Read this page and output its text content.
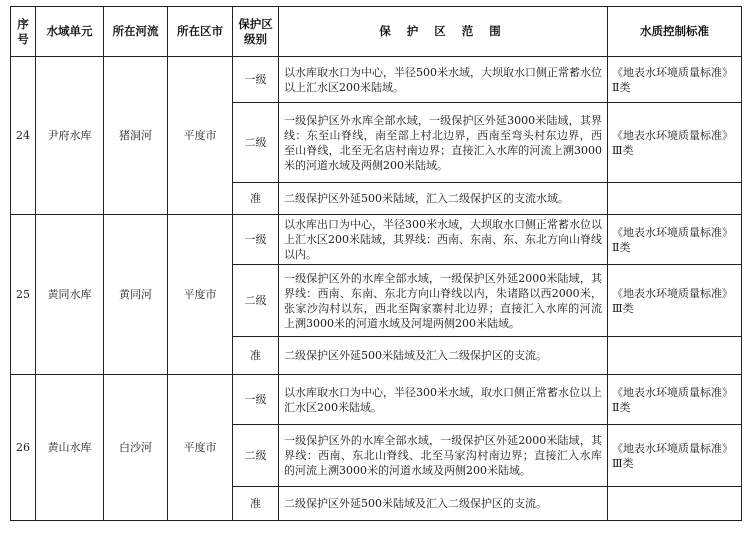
序号	水域单元	所在河流	所在区市	保护区级别	保 护 区 范 围	水质控制标准
24	尹府水库	猪洞河	平度市	一级	以水库取水口为中心，半径500米水域，大坝取水口侧正常蓄水位以上汇水区200米陆域。	《地表水环境质量标准》Ⅱ类
				二级	一级保护区外水库全部水域，一级保护区外延3000米陆域，其界线：东至山脊线，南至部上村北边界，西南至弯头村东边界，西至山脊线，北至无名店村南边界；直接汇入水库的河流上溯3000米的河道水域及两侧200米陆域。	《地表水环境质量标准》Ⅲ类
				准	二级保护区外延500米陆域，汇入二级保护区的支流水域。	
25	黄同水库	黄同河	平度市	一级	以水库出口为中心，半径300米水域，大坝取水口侧正常蓄水位以上汇水区200米陆域，其界线：西南、东南、东、东北方向山脊线以内。	《地表水环境质量标准》Ⅱ类
				二级	一级保护区外的水库全部水域，一级保护区外延2000米陆域，其界线：西南、东南、东北方向山脊线以内，朱诸路以西2000米，张家沙沟村以东，西北至陶家寨村北边界；直接汇入水库的河流上溯3000米的河道水域及河堤两侧200米陆域。	《地表水环境质量标准》Ⅲ类
				准	二级保护区外延500米陆域及汇入二级保护区的支流。	
26	黄山水库	白沙河	平度市	一级	以水库取水口为中心，半径300米水域，取水口侧正常蓄水位以上汇水区200米陆域。	《地表水环境质量标准》Ⅱ类
				二级	一级保护区外的水库全部水域，一级保护区外延2000米陆域，其界线：西南、东北山脊线、北至马家沟村南边界；直接汇入水库的河流上溯3000米的河道水域及两侧200米陆域。	《地表水环境质量标准》Ⅲ类
				准	二级保护区外延500米陆域及汇入二级保护区的支流。	
